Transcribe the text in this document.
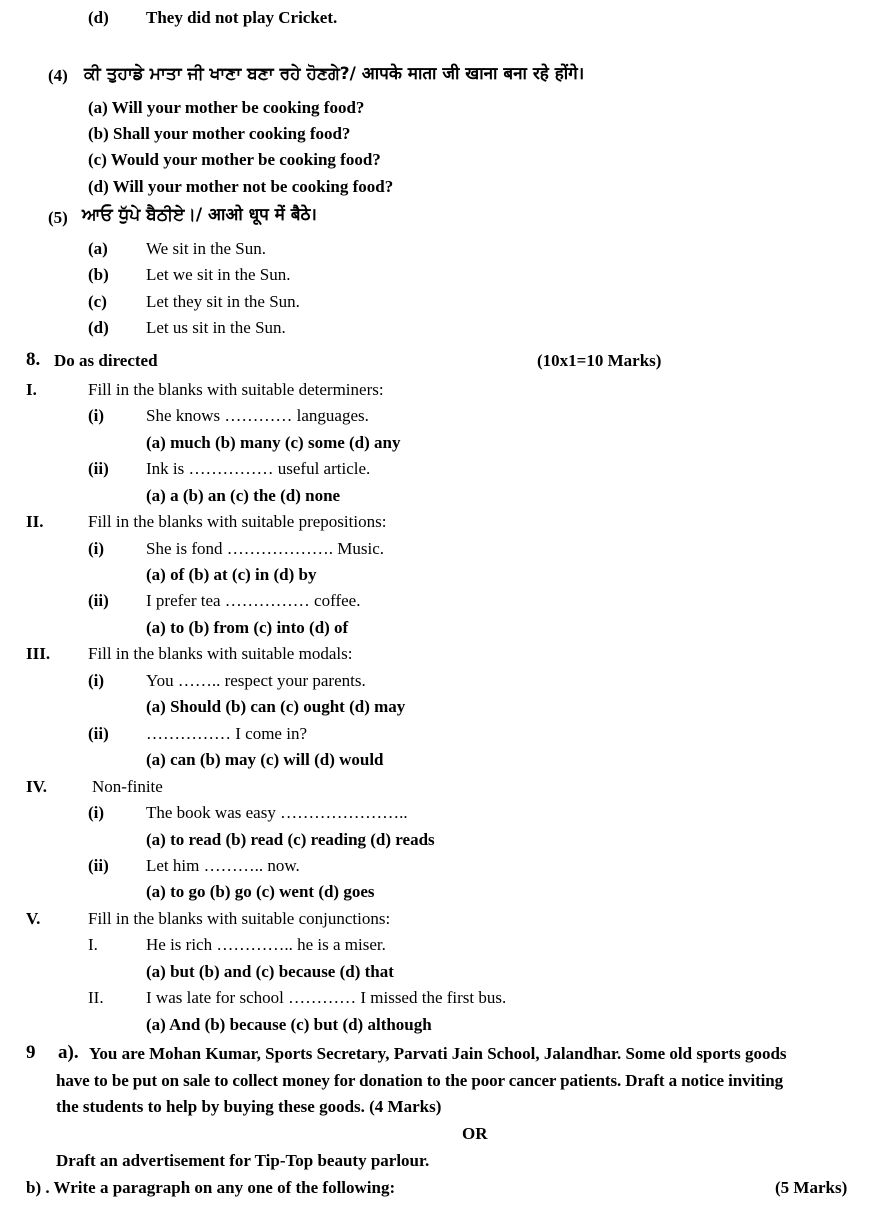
(d) They did not play Cricket.
(4) ਕੀ ਤੁਹਾਡੇ ਮਾਤਾ ਜੀ ਖਾਣਾ ਬਣਾ ਰਹੇ ਹੋਣਗੇ?/ आपके माता जी खाना बना रहे होंगे।
(a) Will your mother be cooking food?
(b) Shall your mother cooking food?
(c) Would your mother be cooking food?
(d) Will your mother not be cooking food?
(5) ਆਓ ਧੁੱਪੇ ਬੈਠੀਏ।/ आओ धूप में बैठे।
(a) We sit in the Sun.
(b) Let we sit in the Sun.
(c) Let they sit in the Sun.
(d) Let us sit in the Sun.
8. Do as directed	(10x1=10 Marks)
I.	Fill in the blanks with suitable determiners:
(i) She knows ………… languages.
(a) much (b) many (c) some (d) any
(ii) Ink is …………… useful article.
(a) a (b) an (c) the (d) none
II.	Fill in the blanks with suitable prepositions:
(i) She is fond ………………. Music.
(a) of (b) at (c) in (d) by
(ii) I prefer tea …………… coffee.
(a) to (b) from (c) into (d) of
III. Fill in the blanks with suitable modals:
(i) You …….. respect your parents.
(a) Should (b) can (c) ought (d) may
(ii) …………… I come in?
(a) can (b) may (c) will (d) would
IV.	Non-finite
(i) The book was easy …………………..
(a) to read (b) read (c) reading (d) reads
(ii) Let him ……….. now.
(a) to go (b) go (c) went (d) goes
V.	Fill in the blanks with suitable conjunctions:
I.	He is rich ………….. he is a miser.
(a) but (b) and (c) because (d) that
II. I was late for school ………… I missed the first bus.
(a) And (b) because (c) but (d) although
9 a). You are Mohan Kumar, Sports Secretary, Parvati Jain School, Jalandhar. Some old sports goods
have to be put on sale to collect money for donation to the poor cancer patients. Draft a notice inviting
the students to help by buying these goods. (4 Marks)
OR
Draft an advertisement for Tip-Top beauty parlour.
b) . Write a paragraph on any one of the following:	(5 Marks)
